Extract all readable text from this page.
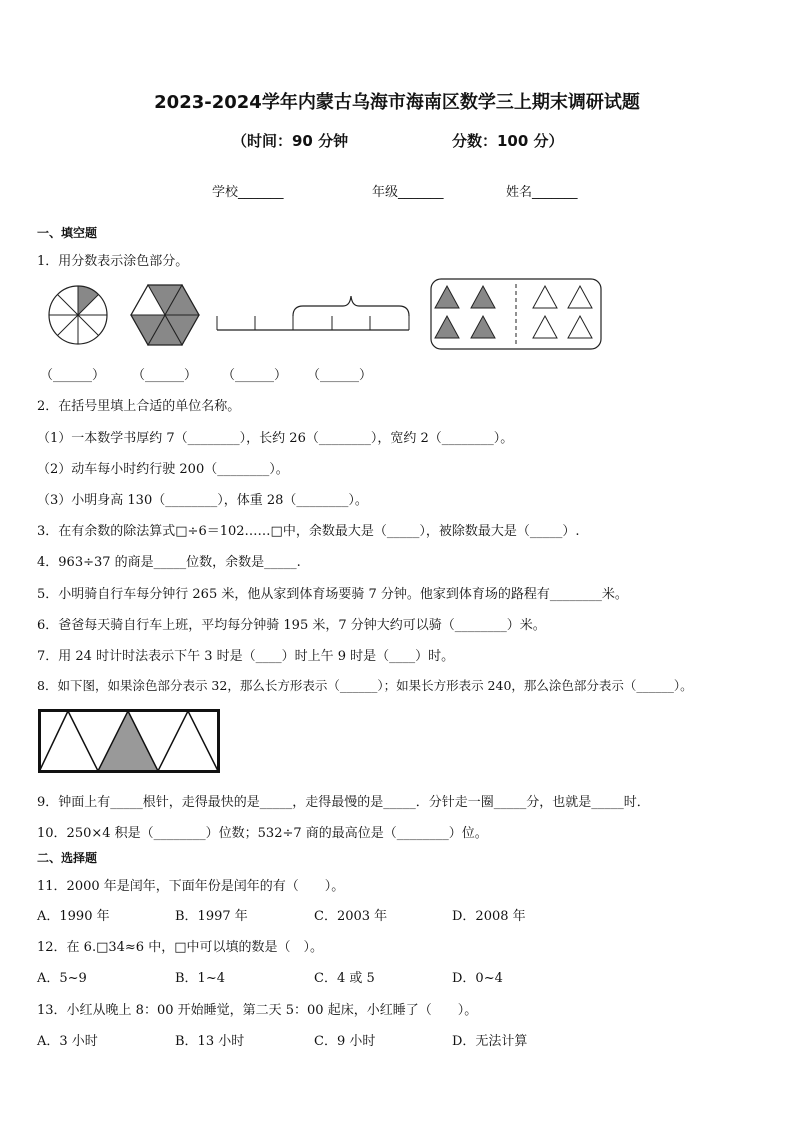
2023-2024学年内蒙古乌海市海南区数学三上期末调研试题
（时间：90 分钟	分数：100 分）
学校_______	年级_______	姓名_______
一、填空题
1．用分数表示涂色部分。
（______） （______） （______） （______）
2．在括号里填上合适的单位名称。
（1）一本数学书厚约 7（________），长约 26（________），宽约 2（________）。
（2）动车每小时约行驶 200（________）。
（3）小明身高 130（________），体重 28（________）。
3．在有余数的除法算式□÷6＝102……□中，余数最大是（_____），被除数最大是（_____）.
4．963÷37 的商是_____位数，余数是_____.
5．小明骑自行车每分钟行 265 米，他从家到体育场要骑 7 分钟。他家到体育场的路程有________米。
6．爸爸每天骑自行车上班，平均每分钟骑 195 米，7 分钟大约可以骑（________）米。
7．用 24 时计时法表示下午 3 时是（____）时上午 9 时是（____）时。
8．如下图，如果涂色部分表示 32，那么长方形表示（______）；如果长方形表示 240，那么涂色部分表示（______）。
9．钟面上有_____根针，走得最快的是_____，走得最慢的是_____．分针走一圈_____分，也就是_____时．
10．250×4 积是（________）位数；532÷7 商的最高位是（________）位。
二、选择题
11．2000 年是闰年，下面年份是闰年的有（　　）。
A．1990 年	B．1997 年	C．2003 年	D．2008 年
12．在 6.□34≈6 中，□中可以填的数是（　）。
A．5~9	B．1~4	C．4 或 5	D．0~4
13．小红从晚上 8：00 开始睡觉，第二天 5：00 起床，小红睡了（　　）。
A．3 小时	B．13 小时	C．9 小时	D．无法计算
